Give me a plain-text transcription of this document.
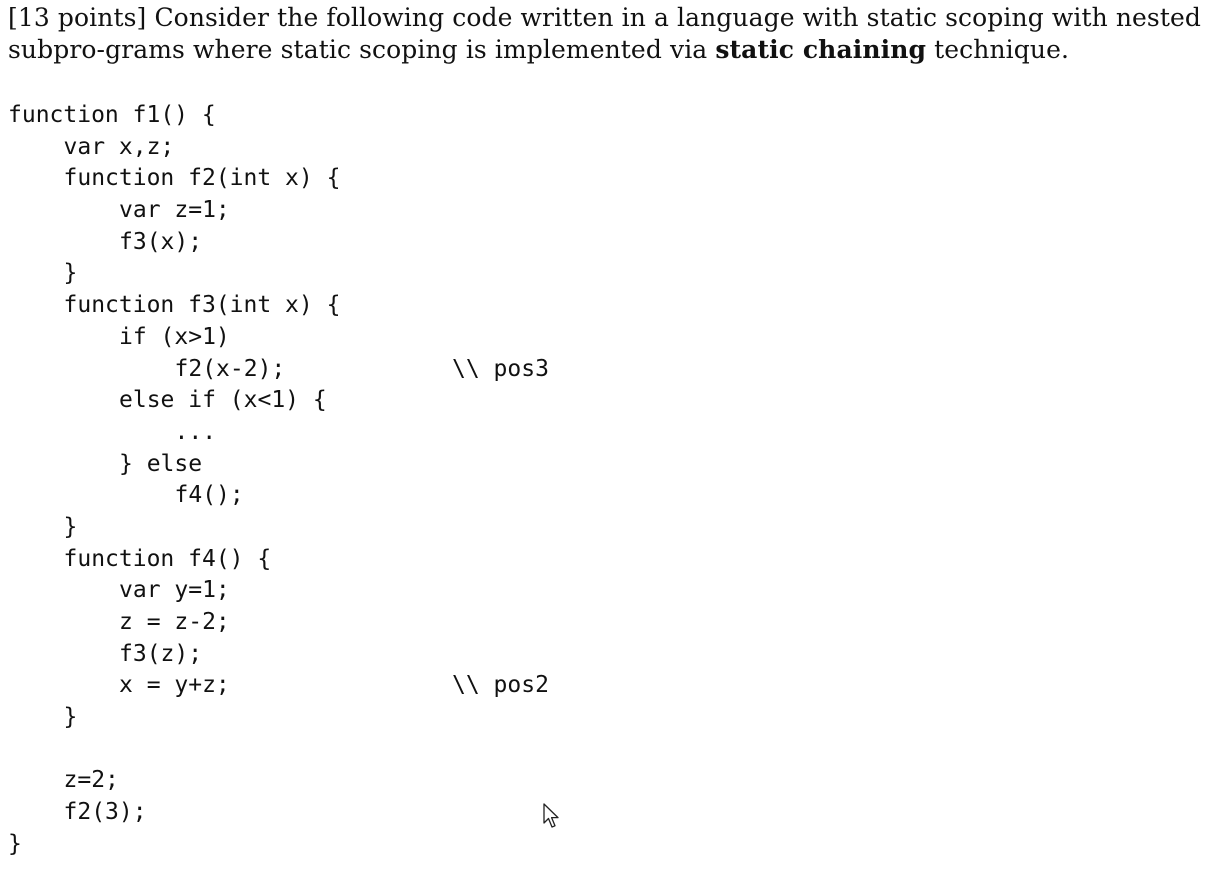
[13 points] Consider the following code written in a language with static scoping with nested subpro-grams where static scoping is implemented via static chaining technique.
function f1() {
var x,z;
function f2(int x) {
var z=1;
f3(x);
}
function f3(int x) {
if (x>1)
f2(x-2);	\\ pos3
else if (x<1) {
...
} else
f4();
}
function f4() {
var y=1;
z = z-2;
f3(z);
x = y+z;	\\ pos2
}
z=2;
f2(3);
}
